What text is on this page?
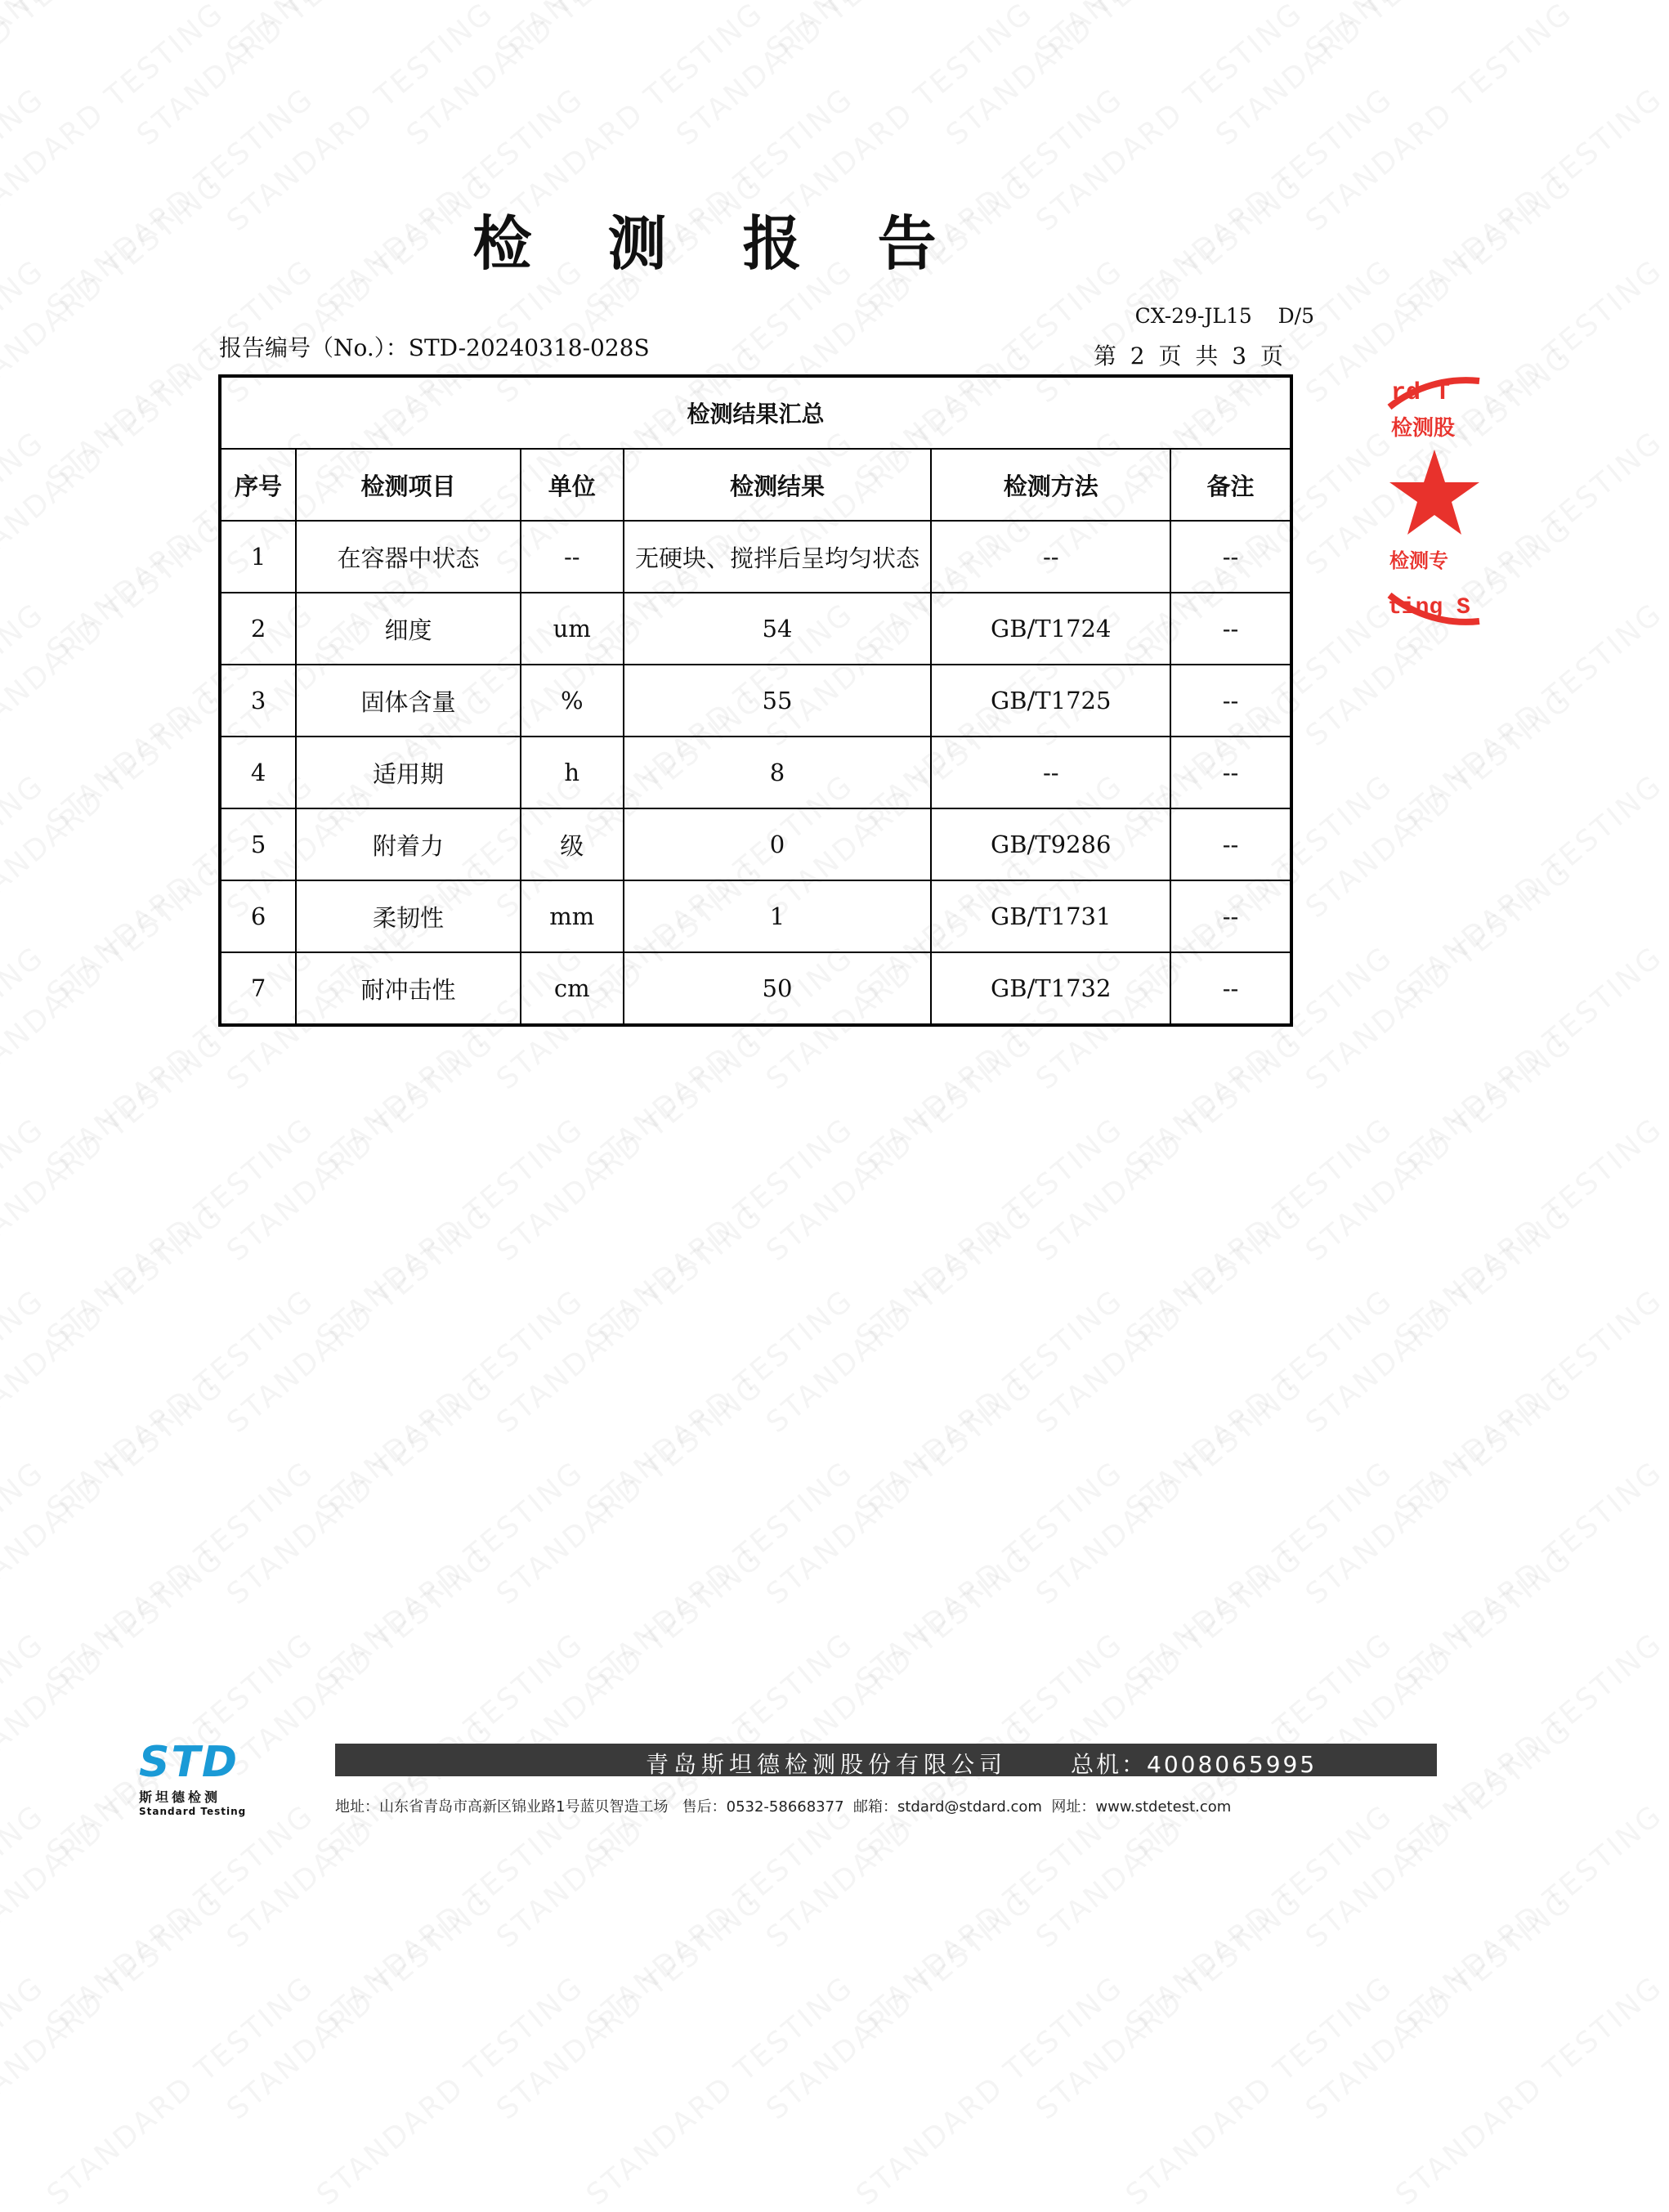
检 测 报 告
CX-29-JL15    D/5
报告编号（No.）：STD-20240318-028S	第 2 页 共 3 页
检测结果汇总					
序号	检测项目	单位	检测结果	检测方法	备注
1	在容器中状态	--	无硬块、搅拌后呈均匀状态	--	--
2	细度	um	54	GB/T1724	--
3	固体含量	%	55	GB/T1725	--
4	适用期	h	8	--	--
5	附着力	级	0	GB/T9286	--
6	柔韧性	mm	1	GB/T1731	--
7	耐冲击性	cm	50	GB/T1732	--
rd T
检测股
检测专
ting S
STD
斯坦德检测
Standard Testing
青岛斯坦德检测股份有限公司	总机：4008065995
地址：山东省青岛市高新区锦业路1号蓝贝智造工场   售后：0532-58668377  邮箱：stdard@stdard.com  网址：www.stdetest.com
